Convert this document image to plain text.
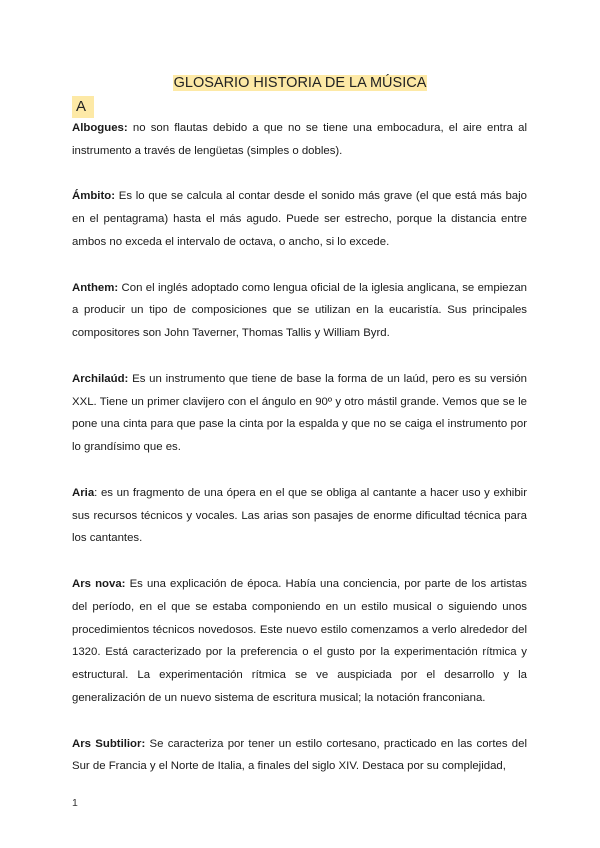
GLOSARIO HISTORIA DE LA MÚSICA
A

Albogues: no son flautas debido a que no se tiene una embocadura, el aire entra al instrumento a través de lengüetas (simples o dobles).

Ámbito: Es lo que se calcula al contar desde el sonido más grave (el que está más bajo en el pentagrama) hasta el más agudo. Puede ser estrecho, porque la distancia entre ambos no exceda el intervalo de octava, o ancho, si lo excede.

Anthem: Con el inglés adoptado como lengua oficial de la iglesia anglicana, se empiezan a producir un tipo de composiciones que se utilizan en la eucaristía. Sus principales compositores son John Taverner, Thomas Tallis y William Byrd.

Archilaúd: Es un instrumento que tiene de base la forma de un laúd, pero es su versión XXL. Tiene un primer clavijero con el ángulo en 90º y otro mástil grande. Vemos que se le pone una cinta para que pase la cinta por la espalda y que no se caiga el instrumento por lo grandísimo que es.

Aria: es un fragmento de una ópera en el que se obliga al cantante a hacer uso y exhibir sus recursos técnicos y vocales. Las arias son pasajes de enorme dificultad técnica para los cantantes.

Ars nova: Es una explicación de época. Había una conciencia, por parte de los artistas del período, en el que se estaba componiendo en un estilo musical o siguiendo unos procedimientos técnicos novedosos. Este nuevo estilo comenzamos a verlo alrededor del 1320. Está caracterizado por la preferencia o el gusto por la experimentación rítmica y estructural. La experimentación rítmica se ve auspiciada por el desarrollo y la generalización de un nuevo sistema de escritura musical; la notación franconiana.

Ars Subtilior: Se caracteriza por tener un estilo cortesano, practicado en las cortes del Sur de Francia y el Norte de Italia, a finales del siglo XIV. Destaca por su complejidad,

1
